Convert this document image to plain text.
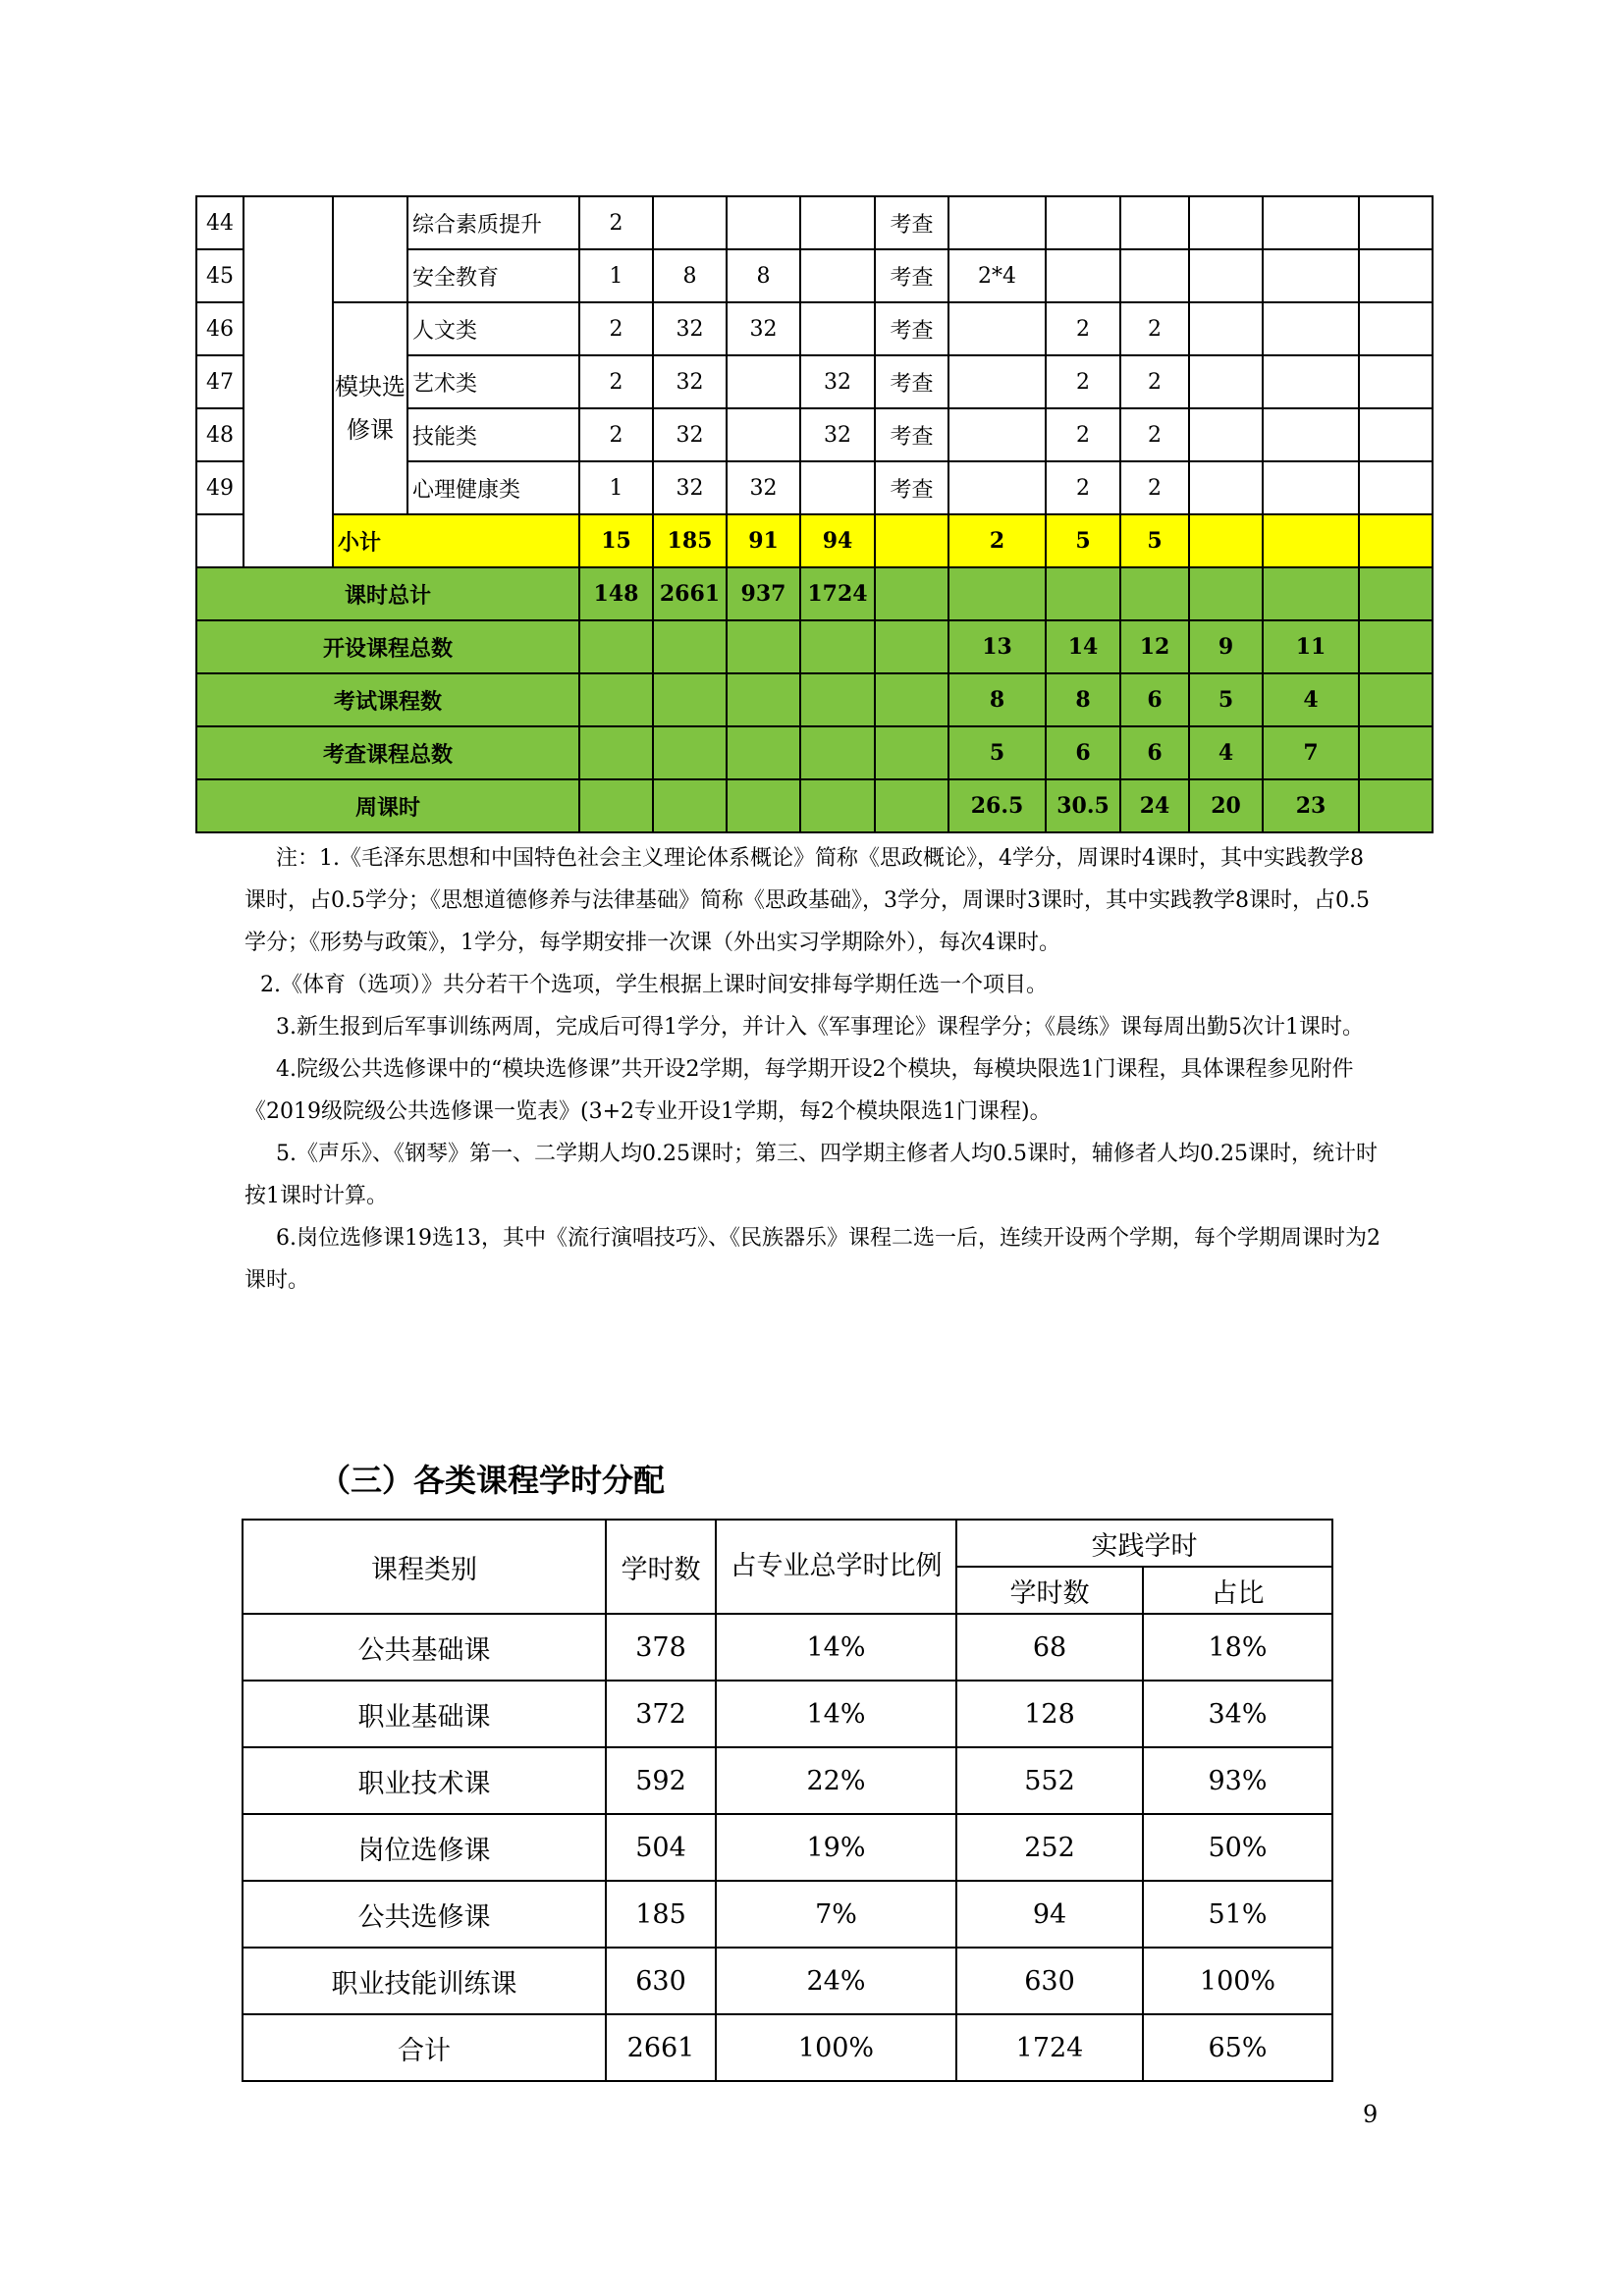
44			综合素质提升	2				考查						
45			安全教育	1	8	8		考查	2*4					
46		模块选修课	人文类	2	32	32		考查		2	2			
47			艺术类	2	32		32	考查		2	2			
48			技能类	2	32		32	考查		2	2			
49			心理健康类	1	32	32		考查		2	2			
		小计		15	185	91	94		2	5	5			
课时总计				148	2661	937	1724							
开设课程总数									13	14	12	9	11	
考试课程数									8	8	6	5	4	
考查课程总数									5	6	6	4	7	
周课时									26.5	30.5	24	20	23	

注：1.《毛泽东思想和中国特色社会主义理论体系概论》简称《思政概论》，4学分，周课时4课时，其中实践教学8课时，占0.5学分；《思想道德修养与法律基础》简称《思政基础》，3学分，周课时3课时，其中实践教学8课时，占0.5学分；《形势与政策》，1学分，每学期安排一次课（外出实习学期除外），每次4课时。

2.《体育（选项）》共分若干个选项，学生根据上课时间安排每学期任选一个项目。

3.新生报到后军事训练两周，完成后可得1学分，并计入《军事理论》课程学分；《晨练》课每周出勤5次计1课时。

4.院级公共选修课中的“模块选修课”共开设2学期，每学期开设2个模块，每模块限选1门课程，具体课程参见附件《2019级院级公共选修课一览表》(3+2专业开设1学期，每2个模块限选1门课程)。

5.《声乐》、《钢琴》第一、二学期人均0.25课时；第三、四学期主修者人均0.5课时，辅修者人均0.25课时，统计时按1课时计算。

6.岗位选修课19选13，其中《流行演唱技巧》、《民族器乐》课程二选一后，连续开设两个学期，每个学期周课时为2课时。

（三）各类课程学时分配
课程类别	学时数	占专业总学时比例	实践学时	
			学时数	占比
公共基础课	378	14%	68	18%
职业基础课	372	14%	128	34%
职业技术课	592	22%	552	93%
岗位选修课	504	19%	252	50%
公共选修课	185	7%	94	51%
职业技能训练课	630	24%	630	100%
合计	2661	100%	1724	65%
9
